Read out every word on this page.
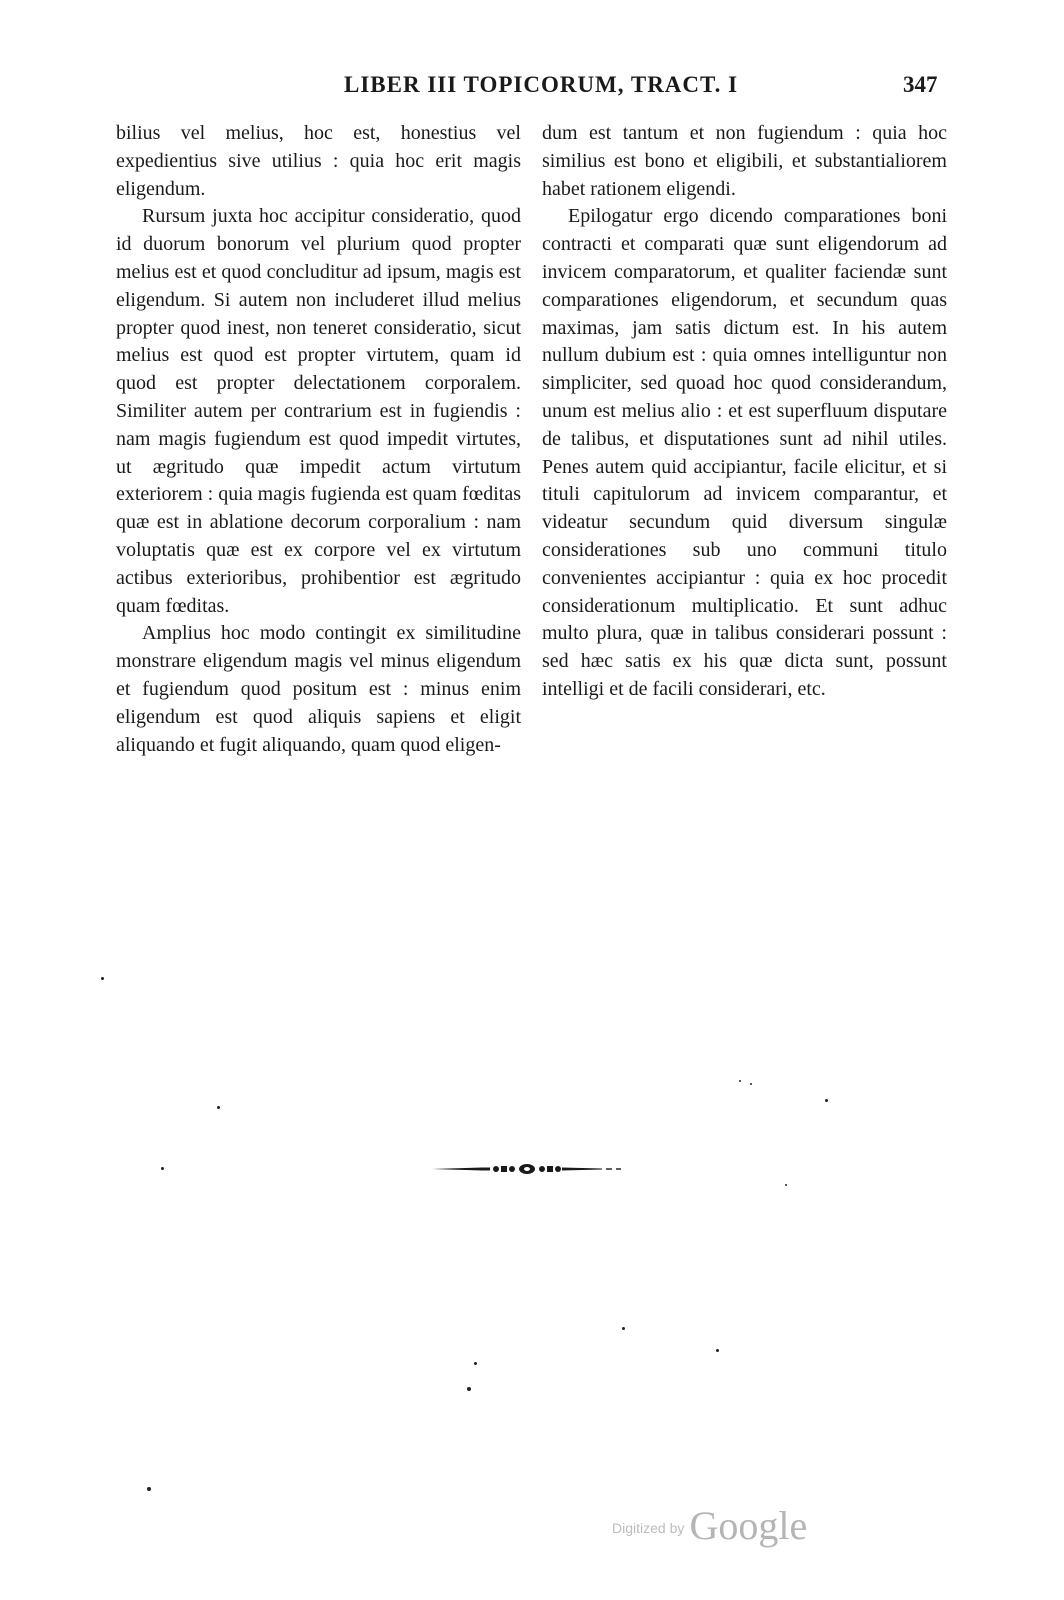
LIBER III TOPICORUM, TRACT. I	347

bilius vel melius, hoc est, honestius vel expedientius sive utilius : quia hoc erit magis eligendum.

Rursum juxta hoc accipitur consideratio, quod id duorum bonorum vel plurium quod propter melius est et quod concluditur ad ipsum, magis est eligendum. Si autem non includeret illud melius propter quod inest, non teneret consideratio, sicut melius est quod est propter virtutem, quam id quod est propter delectationem corporalem. Similiter autem per contrarium est in fugiendis : nam magis fugiendum est quod impedit virtutes, ut ægritudo quæ impedit actum virtutum exteriorem : quia magis fugienda est quam fœditas quæ est in ablatione decorum corporalium : nam voluptatis quæ est ex corpore vel ex virtutum actibus exterioribus, prohibentior est ægritudo quam fœditas.

Amplius hoc modo contingit ex similitudine monstrare eligendum magis vel minus eligendum et fugiendum quod positum est : minus enim eligendum est quod aliquis sapiens et eligit aliquando et fugit aliquando, quam quod eligen-

dum est tantum et non fugiendum : quia hoc similius est bono et eligibili, et substantialiorem habet rationem eligendi.

Epilogatur ergo dicendo comparationes boni contracti et comparati quæ sunt eligendorum ad invicem comparatorum, et qualiter faciendæ sunt comparationes eligendorum, et secundum quas maximas, jam satis dictum est. In his autem nullum dubium est : quia omnes intelliguntur non simpliciter, sed quoad hoc quod considerandum, unum est melius alio : et est superfluum disputare de talibus, et disputationes sunt ad nihil utiles. Penes autem quid accipiantur, facile elicitur, et si tituli capitulorum ad invicem comparantur, et videatur secundum quid diversum singulæ considerationes sub uno communi titulo convenientes accipiantur : quia ex hoc procedit considerationum multiplicatio. Et sunt adhuc multo plura, quæ in talibus considerari possunt : sed hæc satis ex his quæ dicta sunt, possunt intelligi et de facili considerari, etc.

Digitized by Google
